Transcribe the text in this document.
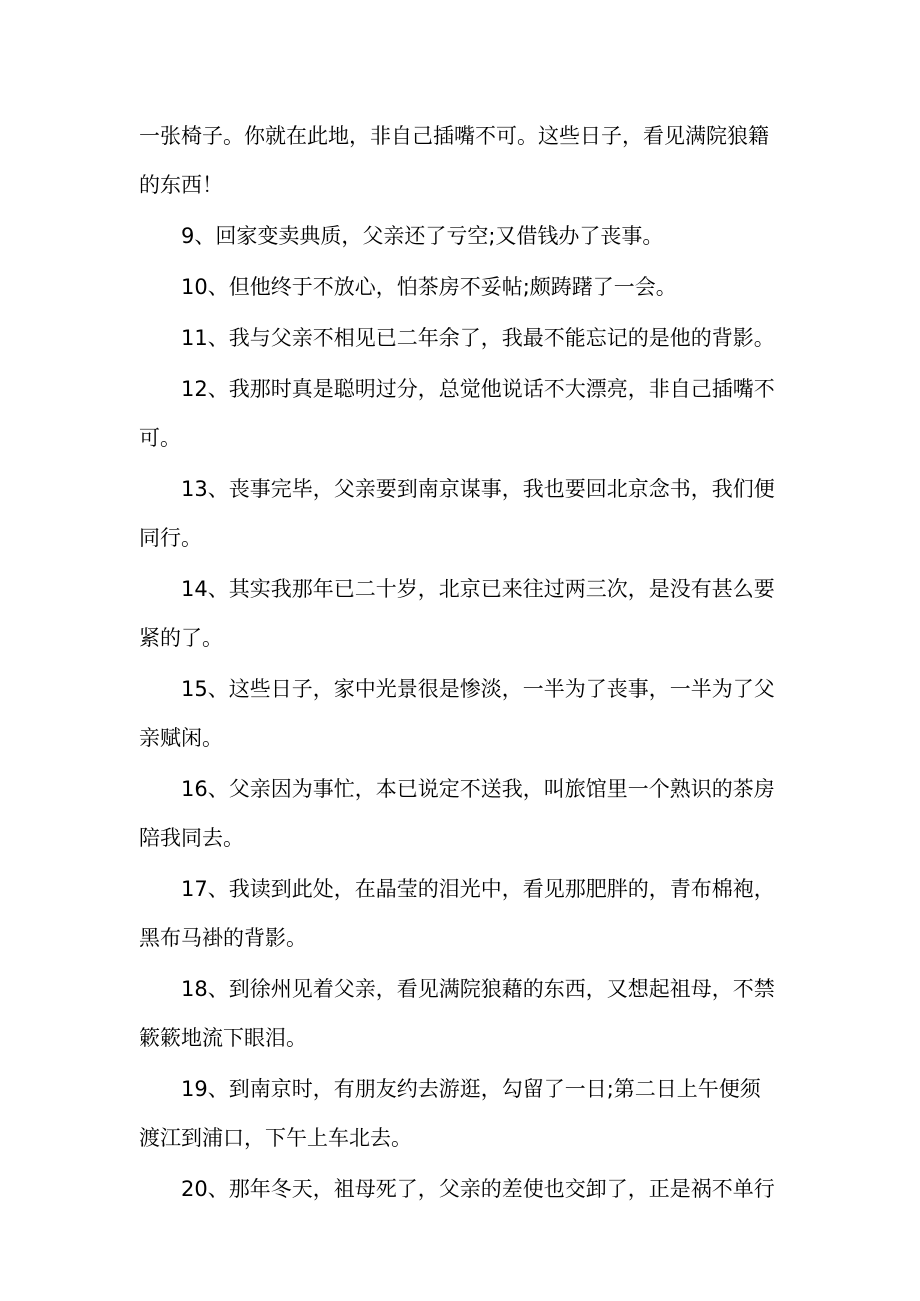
一张椅子。你就在此地，非自己插嘴不可。这些日子，看见满院狼籍
的东西！
9、回家变卖典质，父亲还了亏空;又借钱办了丧事。
10、但他终于不放心，怕茶房不妥帖;颇踌躇了一会。
11、我与父亲不相见已二年余了，我最不能忘记的是他的背影。
12、我那时真是聪明过分，总觉他说话不大漂亮，非自己插嘴不
可。
13、丧事完毕，父亲要到南京谋事，我也要回北京念书，我们便
同行。
14、其实我那年已二十岁，北京已来往过两三次，是没有甚么要
紧的了。
15、这些日子，家中光景很是惨淡，一半为了丧事，一半为了父
亲赋闲。
16、父亲因为事忙，本已说定不送我，叫旅馆里一个熟识的茶房
陪我同去。
17、我读到此处，在晶莹的泪光中，看见那肥胖的，青布棉袍，
黑布马褂的背影。
18、到徐州见着父亲，看见满院狼藉的东西，又想起祖母，不禁
簌簌地流下眼泪。
19、到南京时，有朋友约去游逛，勾留了一日;第二日上午便须
渡江到浦口，下午上车北去。
20、那年冬天，祖母死了，父亲的差使也交卸了，正是祸不单行
